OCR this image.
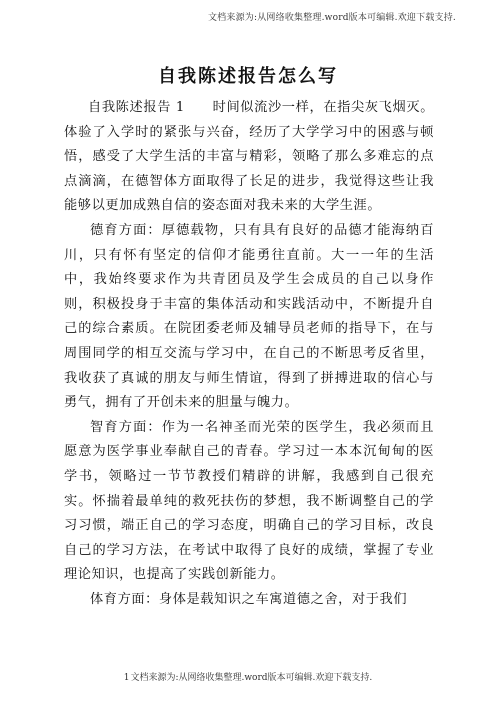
文档来源为:从网络收集整理.word版本可编辑.欢迎下载支持.
自我陈述报告怎么写

自我陈述报告 1　　时间似流沙一样，在指尖灰飞烟灭。体验了入学时的紧张与兴奋，经历了大学学习中的困惑与顿悟，感受了大学生活的丰富与精彩，领略了那么多难忘的点点滴滴，在德智体方面取得了长足的进步，我觉得这些让我能够以更加成熟自信的姿态面对我未来的大学生涯。

德育方面：厚德载物，只有具有良好的品德才能海纳百川，只有怀有坚定的信仰才能勇往直前。大一一年的生活中，我始终要求作为共青团员及学生会成员的自己以身作则，积极投身于丰富的集体活动和实践活动中，不断提升自己的综合素质。在院团委老师及辅导员老师的指导下，在与周围同学的相互交流与学习中，在自己的不断思考反省里，我收获了真诚的朋友与师生情谊，得到了拼搏进取的信心与勇气，拥有了开创未来的胆量与魄力。

智育方面：作为一名神圣而光荣的医学生，我必须而且愿意为医学事业奉献自己的青春。学习过一本本沉甸甸的医学书，领略过一节节教授们精辟的讲解，我感到自己很充实。怀揣着最单纯的救死扶伤的梦想，我不断调整自己的学习习惯，端正自己的学习态度，明确自己的学习目标，改良自己的学习方法，在考试中取得了良好的成绩，掌握了专业理论知识，也提高了实践创新能力。

体育方面：身体是载知识之车寓道德之舍，对于我们

1文档来源为:从网络收集整理.word版本可编辑.欢迎下载支持.
